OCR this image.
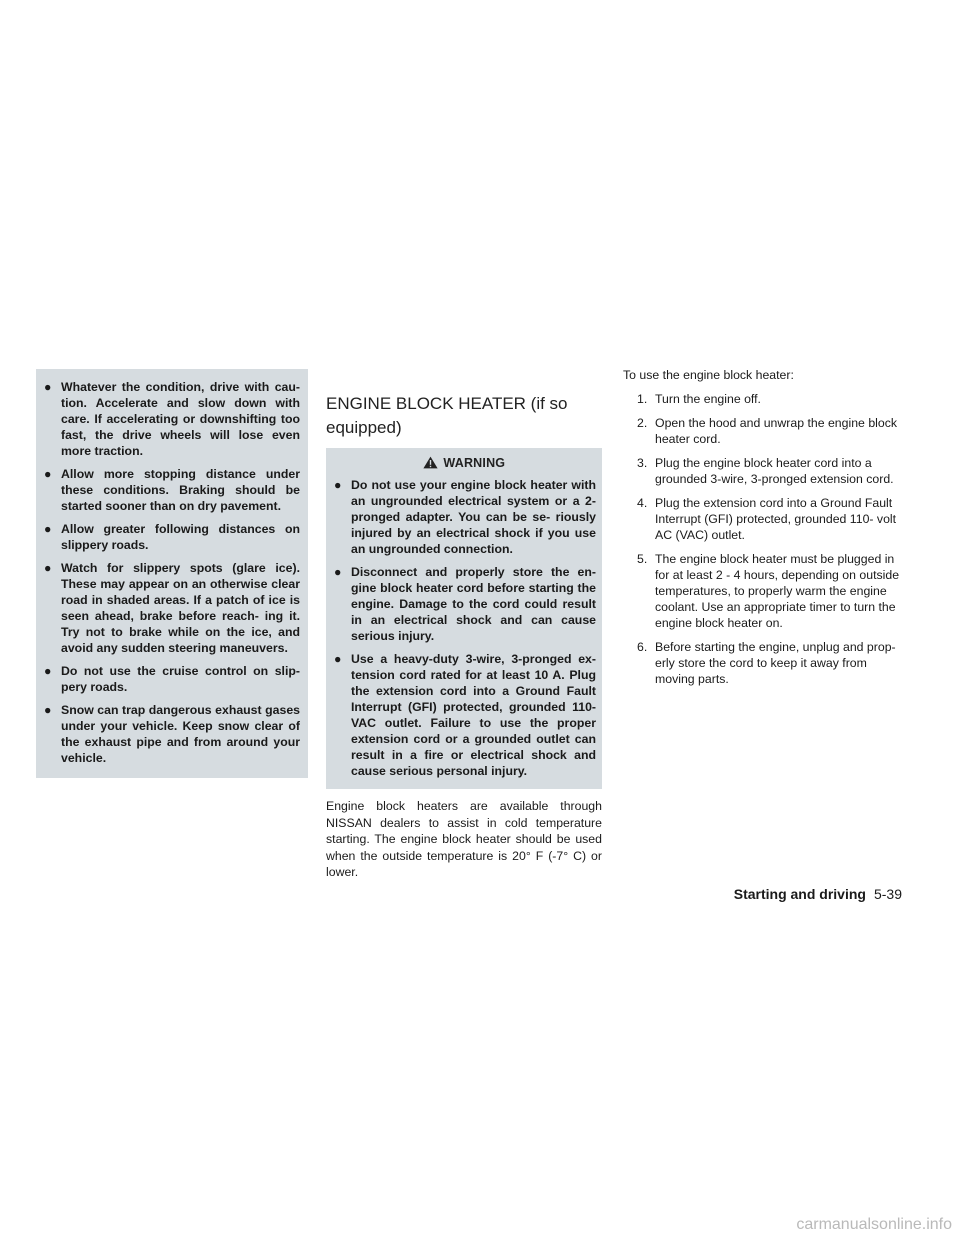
● Whatever the condition, drive with cau- tion. Accelerate and slow down with care. If accelerating or downshifting too fast, the drive wheels will lose even more traction.
● Allow more stopping distance under these conditions. Braking should be started sooner than on dry pavement.
● Allow greater following distances on slippery roads.
● Watch for slippery spots (glare ice). These may appear on an otherwise clear road in shaded areas. If a patch of ice is seen ahead, brake before reach- ing it. Try not to brake while on the ice, and avoid any sudden steering maneuvers.
● Do not use the cruise control on slip- pery roads.
● Snow can trap dangerous exhaust gases under your vehicle. Keep snow clear of the exhaust pipe and from around your vehicle.
ENGINE BLOCK HEATER (if so equipped)
WARNING
● Do not use your engine block heater with an ungrounded electrical system or a 2-pronged adapter. You can be se- riously injured by an electrical shock if you use an ungrounded connection.
● Disconnect and properly store the en- gine block heater cord before starting the engine. Damage to the cord could result in an electrical shock and can cause serious injury.
● Use a heavy-duty 3-wire, 3-pronged ex- tension cord rated for at least 10 A. Plug the extension cord into a Ground Fault Interrupt (GFI) protected, grounded 110-VAC outlet. Failure to use the proper extension cord or a grounded outlet can result in a fire or electrical shock and cause serious personal injury.

Engine block heaters are available through NISSAN dealers to assist in cold temperature starting. The engine block heater should be used when the outside temperature is 20° F (-7° C) or lower.

To use the engine block heater:

1. Turn the engine off.
2. Open the hood and unwrap the engine block heater cord.
3. Plug the engine block heater cord into a grounded 3-wire, 3-pronged extension cord.
4. Plug the extension cord into a Ground Fault Interrupt (GFI) protected, grounded 110- volt AC (VAC) outlet.
5. The engine block heater must be plugged in for at least 2 - 4 hours, depending on outside temperatures, to properly warm the engine coolant. Use an appropriate timer to turn the engine block heater on.
6. Before starting the engine, unplug and prop- erly store the cord to keep it away from moving parts.
Starting and driving 5-39
carmanualsonline.info
